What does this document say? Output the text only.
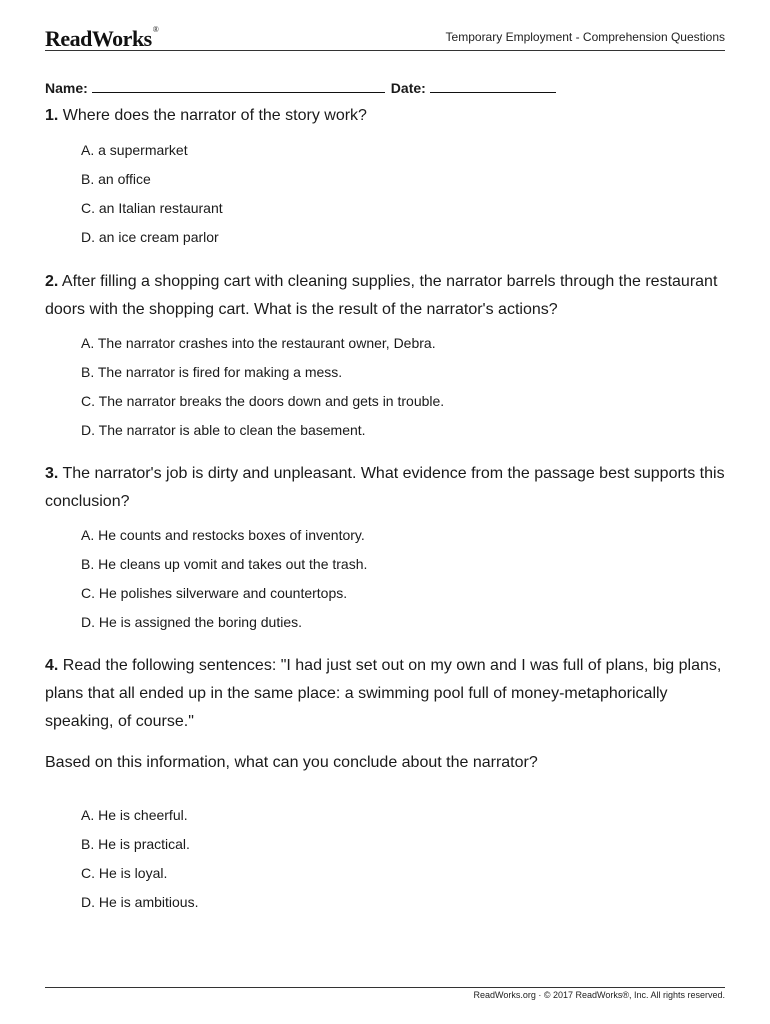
ReadWorks®
Temporary Employment - Comprehension Questions
Name:	Date:
1. Where does the narrator of the story work?
A. a supermarket
B. an office
C. an Italian restaurant
D. an ice cream parlor
2. After filling a shopping cart with cleaning supplies, the narrator barrels through the restaurant doors with the shopping cart. What is the result of the narrator's actions?
A. The narrator crashes into the restaurant owner, Debra.
B. The narrator is fired for making a mess.
C. The narrator breaks the doors down and gets in trouble.
D. The narrator is able to clean the basement.
3. The narrator's job is dirty and unpleasant. What evidence from the passage best supports this conclusion?
A. He counts and restocks boxes of inventory.
B. He cleans up vomit and takes out the trash.
C. He polishes silverware and countertops.
D. He is assigned the boring duties.
4. Read the following sentences: "I had just set out on my own and I was full of plans, big plans, plans that all ended up in the same place: a swimming pool full of money-metaphorically speaking, of course."
Based on this information, what can you conclude about the narrator?
A. He is cheerful.
B. He is practical.
C. He is loyal.
D. He is ambitious.
ReadWorks.org · © 2017 ReadWorks®, Inc. All rights reserved.
